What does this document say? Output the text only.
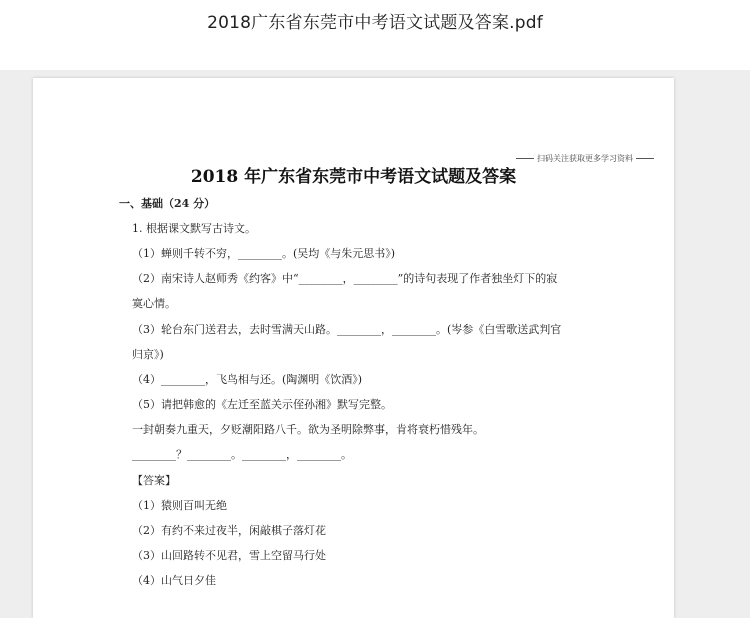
2018广东省东莞市中考语文试题及答案.pdf
扫码关注获取更多学习资料
2018 年广东省东莞市中考语文试题及答案
一、基础（24 分）
1. 根据课文默写古诗文。
（1）蝉则千转不穷，________。(吴均《与朱元思书》)
（2）南宋诗人赵师秀《约客》中“________，________”的诗句表现了作者独坐灯下的寂
寞心情。
（3）轮台东门送君去，去时雪满天山路。________，________。(岑参《白雪歌送武判官
归京》)
（4）________，飞鸟相与还。(陶渊明《饮酒》)
（5）请把韩愈的《左迁至蓝关示侄孙湘》默写完整。
一封朝奏九重天，夕贬潮阳路八千。欲为圣明除弊事，肯将衰朽惜残年。
________？________。________，________。
【答案】
（1）猿则百叫无绝
（2）有约不来过夜半，闲敲棋子落灯花
（3）山回路转不见君，雪上空留马行处
（4）山气日夕佳
